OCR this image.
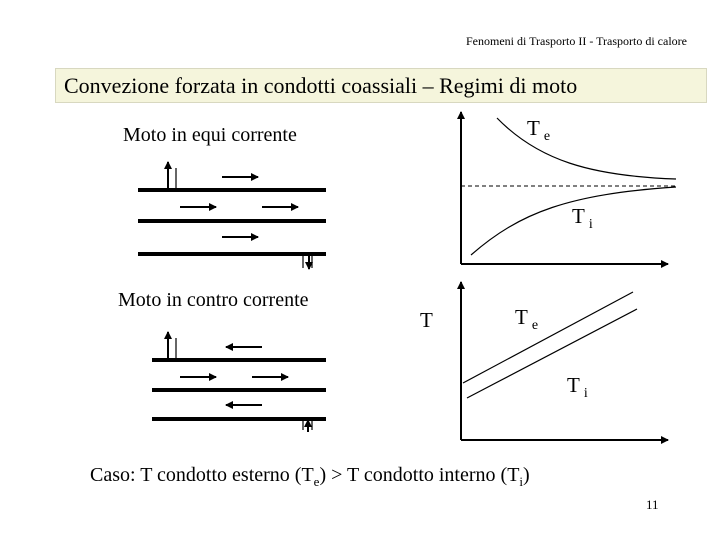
Fenomeni di Trasporto II - Trasporto di calore
Convezione forzata in condotti coassiali – Regimi di moto
Moto in equi corrente
Moto in contro corrente
$T_e$
$T_i$
T	$T_e$
$T_i$
Caso: T condotto esterno $(T_e) > T$ condotto interno $(T_i)$
11
